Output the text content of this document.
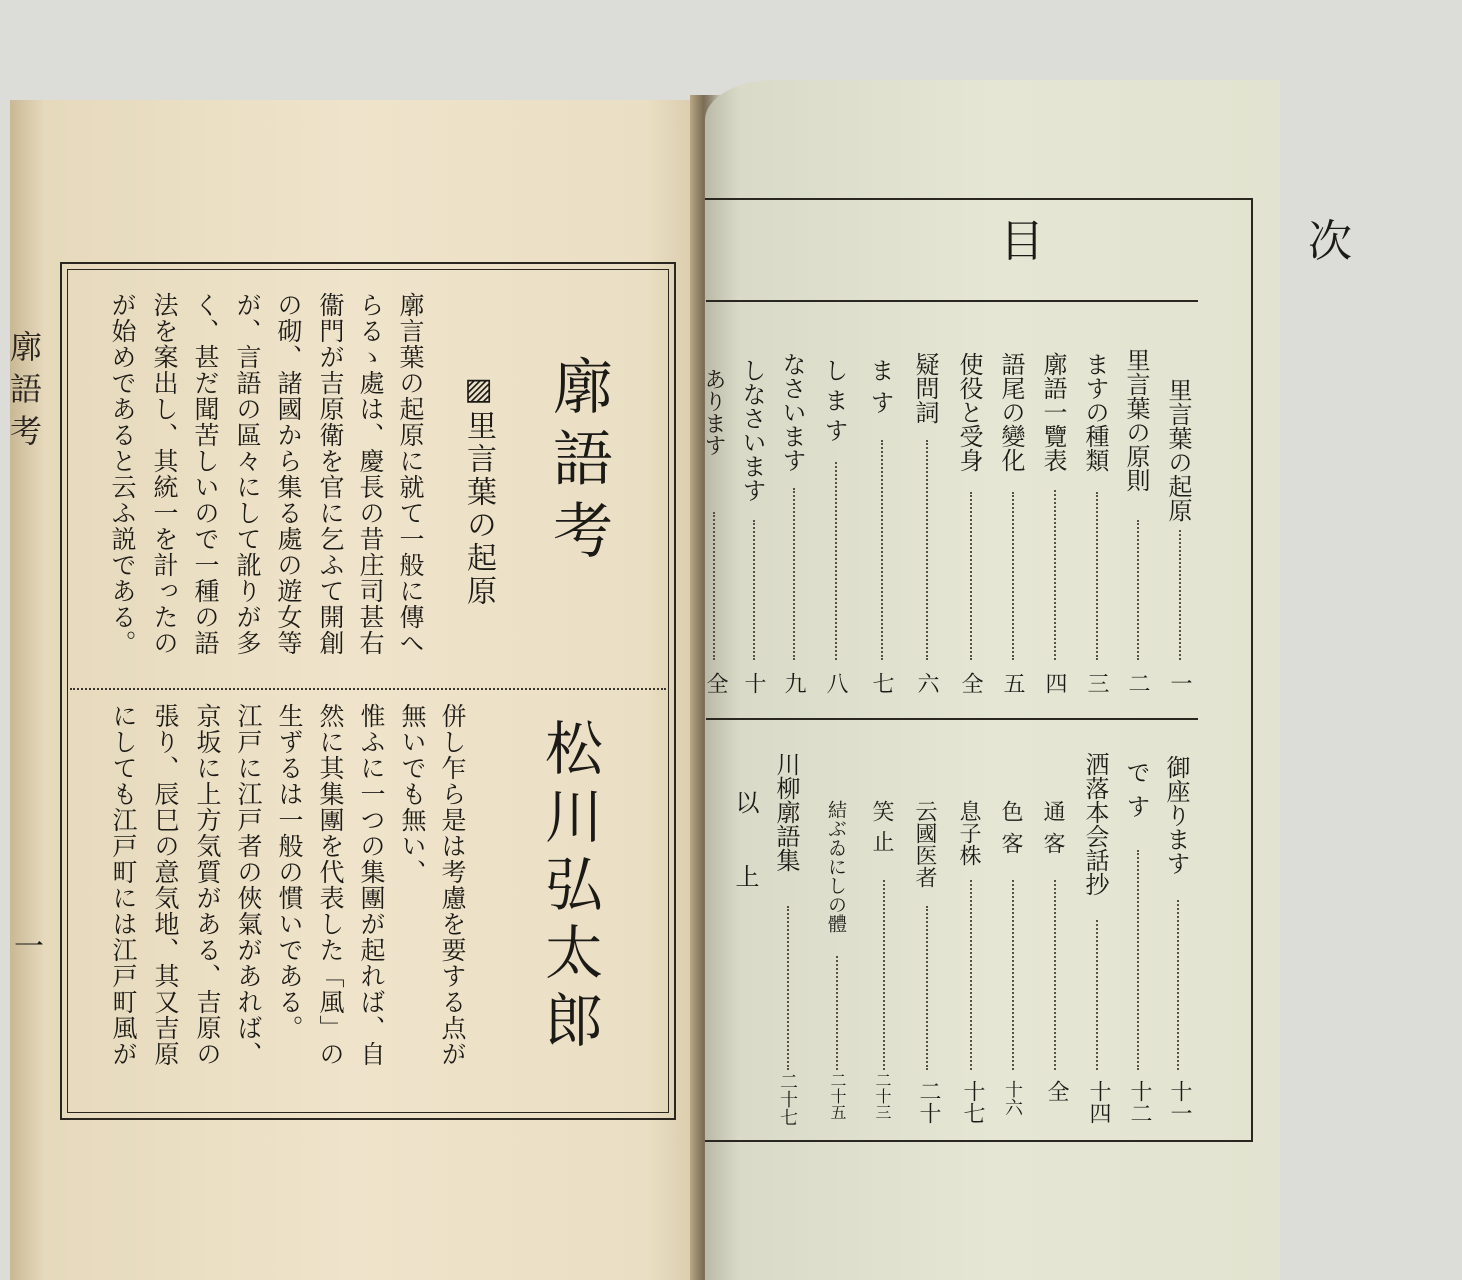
廓語考
一
廓語考
松川弘太郎
▨里言葉の起原
廓言葉の起原に就て一般に傳へ
らるゝ處は、慶長の昔庄司甚右
衞門が吉原衛を官に乞ふて開創
の砌、諸國から集る處の遊女等
が、言語の區々にして訛りが多
く、甚だ聞苦しいので一種の語
法を案出し、其統一を計ったの
が始めであると云ふ説である。
併し乍ら是は考慮を要する点が
無いでも無い、
惟ふに一つの集團が起れば、自
然に其集團を代表した「風」の
生ずるは一般の慣いである。
江戸に江戸者の俠氣があれば、
京坂に上方気質がある、吉原の
張り、辰巳の意気地、其又吉原
にしても江戸町には江戸町風が
目　次
里言葉の起原
里言葉の原則
ますの種類
廓語一覽表
語尾の變化
使役と受身
疑問詞
ます
します
なさいます
しなさいます
あります
一
二
三
四
五
全
六
七
八
九
十
全
御座ります
です
洒落本会話抄
通客
色客
息子株
云國医者
笑止
結ぶゐにしの體
川柳廓語集
以上
十一
十二
十四
全
十六
十七
二十
二十三
二十五
二十七
